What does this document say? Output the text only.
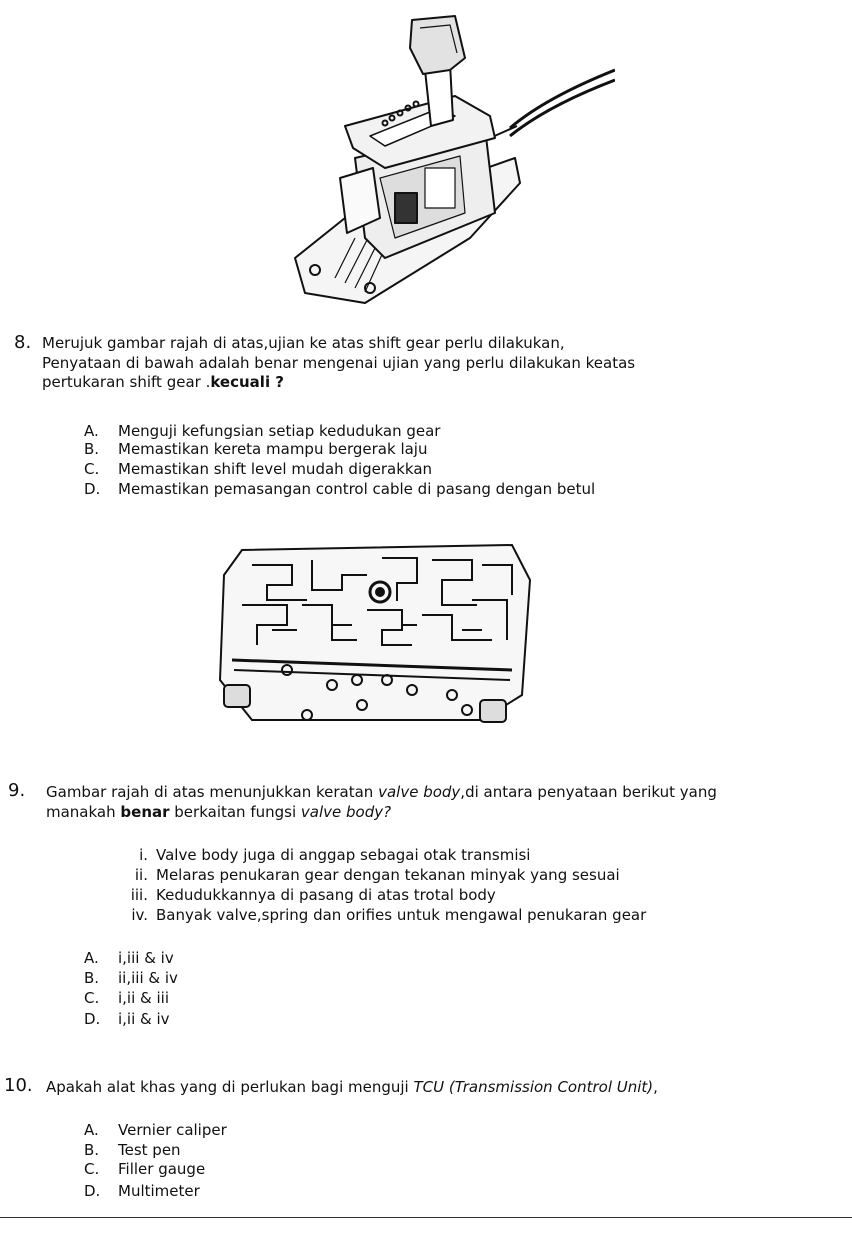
8. Merujuk gambar rajah di atas,ujian ke atas shift gear perlu dilakukan,
Penyataan di bawah adalah benar mengenai ujian yang perlu dilakukan keatas
pertukaran shift gear .kecuali ?
A.	Menguji kefungsian setiap kedudukan gear
B.	Memastikan kereta mampu bergerak laju
C.	Memastikan shift level mudah digerakkan
D.	Memastikan pemasangan control cable di pasang dengan betul
9. Gambar rajah di atas menunjukkan keratan valve body,di antara penyataan berikut yang
manakah benar berkaitan fungsi valve body?
i. Valve body juga di anggap sebagai otak transmisi
ii. Melaras penukaran gear dengan tekanan minyak yang sesuai
iii. Kedudukkannya di pasang di atas trotal body
iv. Banyak valve,spring dan orifies untuk mengawal penukaran gear
A.	i,iii & iv
B.	ii,iii & iv
C.	i,ii & iii
D.	i,ii & iv
10. Apakah alat khas yang di perlukan bagi menguji TCU (Transmission Control Unit),
A.	Vernier caliper
B.	Test pen
C.	Filler gauge
D.	Multimeter
